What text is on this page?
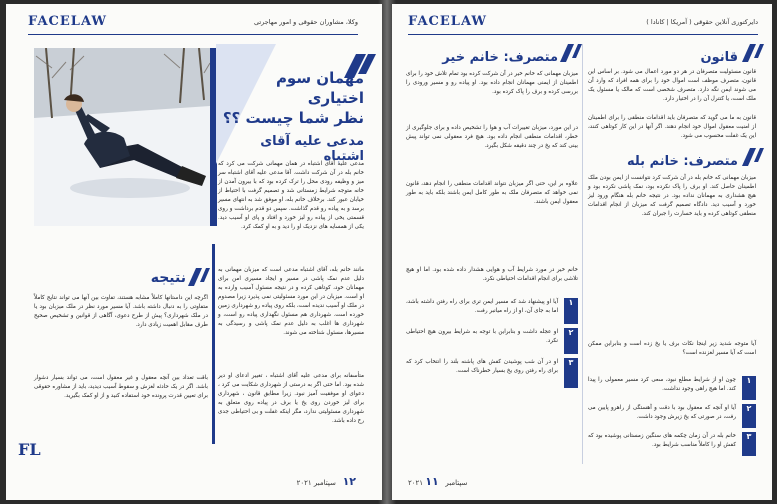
FACELAW	وکلا، مشاوران حقوقی و امور مهاجرتی
مهمان سوم اختیاری
نظر شما چیست ؟؟
مدعی علیه آقای اشتباه
مدعی علیه آقای اشتباه در همان مهمانی شرکت می کرد که خانم بله در آن شرکت داشت. آقا مدعی علیه آقای اشتباه سر میز و وظیفه رودی محل را ترک کرده بود که با بیرون آمدن از خانه متوجه شرایط زمستانی شد و تصمیم گرفت با احتیاط از خیابان عبور کند. برخلاف خانم بله، او موفق شد به انتهای مسیر برسد و به پیاده رو قدم گذاشت. سپس دو قدم برداشت و روی قسمتی یخی از پیاده رو لیز خورد و افتاد و پای او آسیب دید. یکی از همسایه های نزدیک او را دید و به او کمک کرد.
مانند خانم بله، آقای اشتباه مدعی است که میزبان مهمانی به دلیل عدم نمک پاشی در مسیر و ایجاد مسیری امن برای مهمانان خود، کوتاهی کرده و در نتیجه مسئول آسیب وارده به او است. میزبان در این مورد مسئولیتی نمی پذیرد زیرا مصدوم در ملک او آسیب ندیده است، بلکه روی پیاده رو شهرداری زمین خورده است. شهرداری هم مسئول نگهداری پیاده رو است، و شهرداری ها اغلب به دلیل عدم نمک پاشی و رسیدگی به مسیرها، مسئول شناخته می شوند.
متأسفانه برای مدعی علیه آقای اشتباه ، تغییر ادعای او دیر شده بود. اما حتی اگر به درستی از شهرداری شکایت می کرد ، دعوای او موفقیت آمیز نبود. زیرا مطابق قانون ، شهرداری برای لیز خوردن روی یخ یا برف در پیاده روی متعلق به شهرداری مسئولیتی ندارد، مگر اینکه غفلت و بی احتیاطی جدی رخ داده باشد.
نتیجه
اگرچه این داستانها کاملاً مشابه هستند، تفاوت بین آنها می تواند نتایج کاملاً متفاوتی را به دنبال داشته باشد. آیا مسیر مورد نظر در ملک میزبان بود یا در ملک شهرداری؟ پیش از طرح دعوی، آگاهی از قوانین و تشخیص صحیح طرف مقابل اهمیت زیادی دارد.
باقت تعداد بین آنچه معقول و غیر معقول است، می تواند بسیار دشوار باشد. اگر در یک حادثه لغزش و سقوط آسیب دیدید، باید از مشاوره حقوقی برای تعیین قدرت پرونده خود استفاده کنید و از او کمک بگیرید.
FL
۱۲   سپتامبر ۲۰۲۱
FACELAW	دایرکتوری آنلاین حقوقی ( آمریکا | کانادا )
قانون
قانون مسئولیت متصرفان در هر دو مورد اعمال می شود. بر اساس این قانون، متصرف موظف است اموال خود را برای همه افراد که وارد آن می شوند ایمن نگه دارد. متصرف شخصی است که مالک یا مسئول یک ملک است، یا کنترل آن را در اختیار دارد.
قانون به ما می گوید که متصرفان باید اقدامات منطقی را برای اطمینان از امنیت معقول اموال خود انجام دهند. اگر آنها در این کار کوتاهی کنند، این یک غفلت محسوب می شود.
متصرف: خانم بله
میزبان مهمانی که خانم بله در آن شرکت کرد نتوانست از ایمن بودن ملک اطمینان حاصل کند. او برف را پاک نکرده بود، نمک پاشی نکرده بود و هیچ هشداری به مهمانان نداده بود. در نتیجه خانم بله هنگام ورود لیز خورد و آسیب دید. دادگاه تصمیم گرفت که میزبان از انجام اقدامات منطقی کوتاهی کرده و باید خسارت را جبران کند.
آیا متوجه شدید زیر اینجا نکات برف یا یخ زده است و بنابراین ممکن است که آیا مسیر لغزنده است؟
۱
چون او از شرایط مطلع نبود، سعی کرد مسیر معمولی را پیدا کند. اما هیچ راهی وجود نداشت.
۲
آیا او آنچه که معقول بود با دقت و آهستگی از راهرو پایین می رفت، در صورتی که یخ زیرش وجود داشت.
۳
خانم بله در آن زمان چکمه های سنگین زمستانی پوشیده بود که کفش او را کاملاً مناسب شرایط بود.
متصرف: خانم خیر
میزبان مهمانی که خانم خیر در آن شرکت کرده بود تمام تلاش خود را برای اطمینان از ایمنی مهمانان انجام داده بود. او پیاده رو و مسیر ورودی را بررسی کرده و برف را پاک کرده بود.
در این مورد، میزبان تغییرات آب و هوا را تشخیص داده و برای جلوگیری از خطر، اقدامات منطقی انجام داده بود. هیچ فرد معقولی نمی تواند پیش بینی کند که یخ در چند دقیقه شکل بگیرد.
علاوه بر این، حتی اگر میزبان نتواند اقدامات منطقی را انجام دهد، قانون نمی خواهد که متصرفان ملک به طور کامل ایمن باشند بلکه باید به طور معقول ایمن باشند.
خانم خیر در مورد شرایط آب و هوایی هشدار داده شده بود. اما او هیچ تلاشی برای انجام اقدامات احتیاطی نکرد.
۱
آیا او پیشنهاد شد که مسیر ایمن تری برای راه رفتن داشته باشد، اما به جای آن، او از راه میانبر رفت.
۲
او عجله داشت و بنابراین با توجه به شرایط بیرون هیچ احتیاطی نکرد.
۳
او در آن شب پوشیدن کفش های پاشنه بلند را انتخاب کرد که برای راه رفتن روی یخ بسیار خطرناک است.
۲۰۲۱	سپتامبر   ۱۱
